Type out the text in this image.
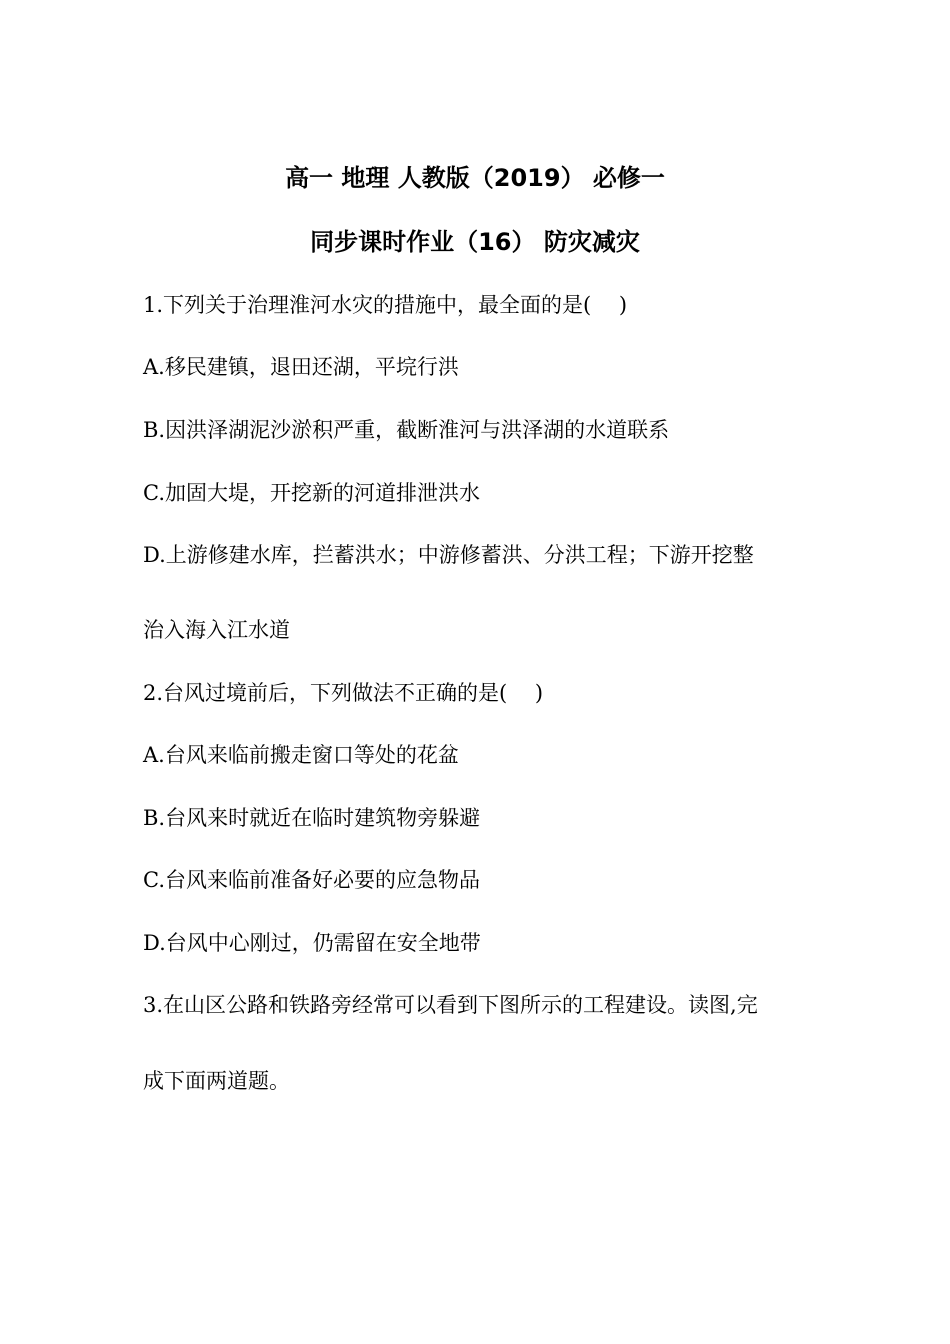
高一 地理 人教版（2019） 必修一
同步课时作业（16） 防灾减灾
1.下列关于治理淮河水灾的措施中，最全面的是(　 )
A.移民建镇，退田还湖，平垸行洪
B.因洪泽湖泥沙淤积严重，截断淮河与洪泽湖的水道联系
C.加固大堤，开挖新的河道排泄洪水
D.上游修建水库，拦蓄洪水；中游修蓄洪、分洪工程；下游开挖整
治入海入江水道
2.台风过境前后，下列做法不正确的是(　 )
A.台风来临前搬走窗口等处的花盆
B.台风来时就近在临时建筑物旁躲避
C.台风来临前准备好必要的应急物品
D.台风中心刚过，仍需留在安全地带
3.在山区公路和铁路旁经常可以看到下图所示的工程建设。读图,完
成下面两道题。
